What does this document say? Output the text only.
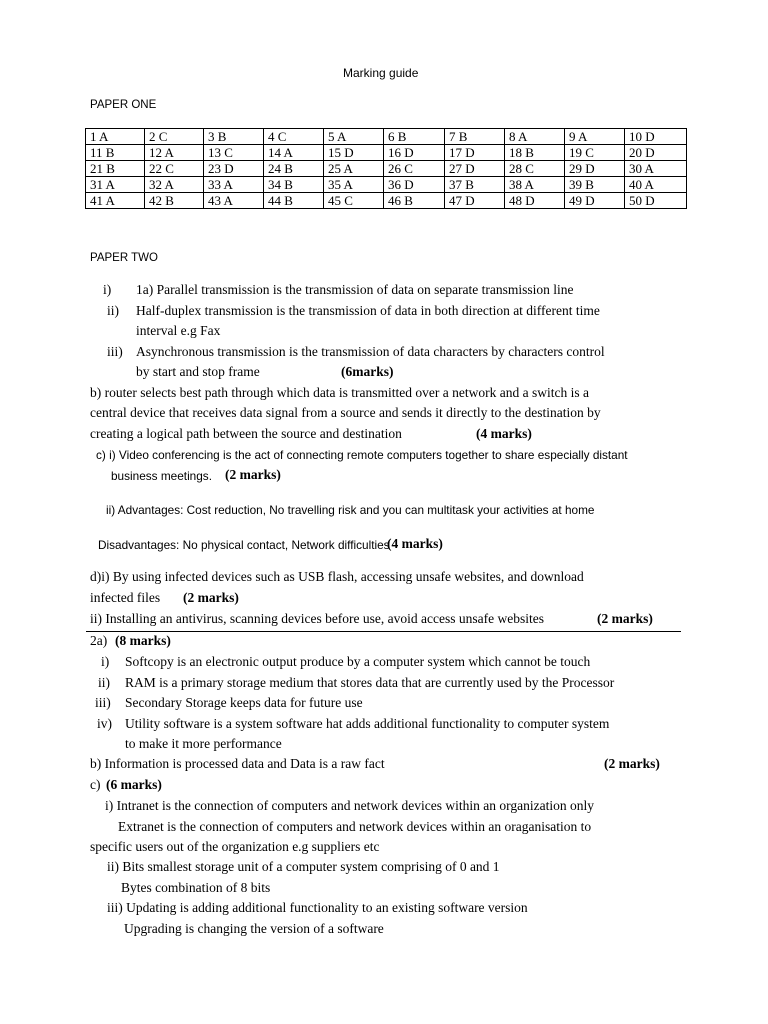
Marking guide
PAPER ONE
1 A	2 C	3 B	4 C	5 A	6 B	7 B	8 A	9 A	10 D
11 B	12 A	13 C	14 A	15 D	16 D	17 D	18 B	19 C	20 D
21 B	22 C	23 D	24 B	25 A	26 C	27 D	28 C	29 D	30 A
31 A	32 A	33 A	34 B	35 A	36 D	37 B	38 A	39 B	40 A
41 A	42 B	43 A	44 B	45 C	46 B	47 D	48 D	49 D	50 D
PAPER TWO
i) 1a) Parallel transmission is the transmission of data on separate transmission line
ii) Half-duplex transmission is the transmission of data in both direction at different time
interval e.g Fax
iii) Asynchronous transmission is the transmission of data characters by characters control
by start and stop frame	(6marks)
b) router selects best path through which data is transmitted over a network and a switch is a
central device that receives data signal from a source and sends it directly to the destination by
creating a logical path between the source and destination	(4 marks)
c) i) Video conferencing is the act of connecting remote computers together to share especially distant
business meetings. (2 marks)
ii) Advantages: Cost reduction, No travelling risk and you can multitask your activities at home
Disadvantages: No physical contact, Network difficulties
(4 marks)
d)i) By using infected devices such as USB flash, accessing unsafe websites, and download
infected files (2 marks)
ii) Installing an antivirus, scanning devices before use, avoid access unsafe websites	(2 marks)
2a) (8 marks)
i) Softcopy is an electronic output produce by a computer system which cannot be touch
ii) RAM is a primary storage medium that stores data that are currently used by the Processor
iii) Secondary Storage keeps data for future use
iv) Utility software is a system software hat adds additional functionality to computer system
to make it more performance
b) Information is processed data and Data is a raw fact	(2 marks)
c) (6 marks)
i) Intranet is the connection of computers and network devices within an organization only
Extranet is the connection of computers and network devices within an oraganisation to
specific users out of the organization e.g suppliers etc
ii) Bits smallest storage unit of a computer system comprising of 0 and 1
Bytes combination of 8 bits
iii) Updating is adding additional functionality to an existing software version
Upgrading is changing the version of a software
